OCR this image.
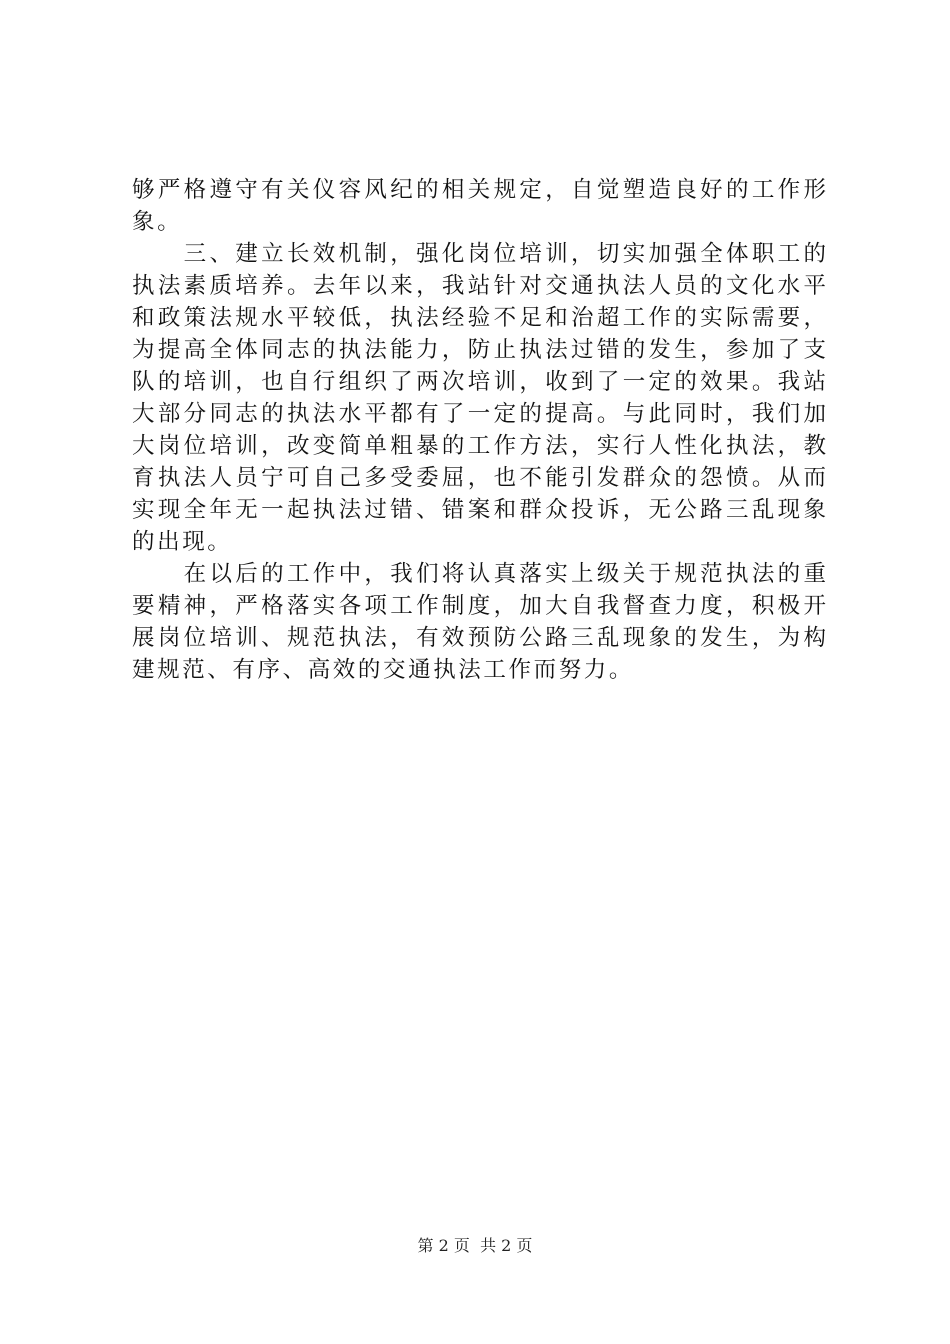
够严格遵守有关仪容风纪的相关规定，自觉塑造良好的工作形
象。
　　三、建立长效机制，强化岗位培训，切实加强全体职工的
执法素质培养。去年以来，我站针对交通执法人员的文化水平
和政策法规水平较低，执法经验不足和治超工作的实际需要，
为提高全体同志的执法能力，防止执法过错的发生，参加了支
队的培训，也自行组织了两次培训，收到了一定的效果。我站
大部分同志的执法水平都有了一定的提高。与此同时，我们加
大岗位培训，改变简单粗暴的工作方法，实行人性化执法，教
育执法人员宁可自己多受委屈，也不能引发群众的怨愤。从而
实现全年无一起执法过错、错案和群众投诉，无公路三乱现象
的出现。
　　在以后的工作中，我们将认真落实上级关于规范执法的重
要精神，严格落实各项工作制度，加大自我督查力度，积极开
展岗位培训、规范执法，有效预防公路三乱现象的发生，为构
建规范、有序、高效的交通执法工作而努力。
第 2 页  共 2 页
